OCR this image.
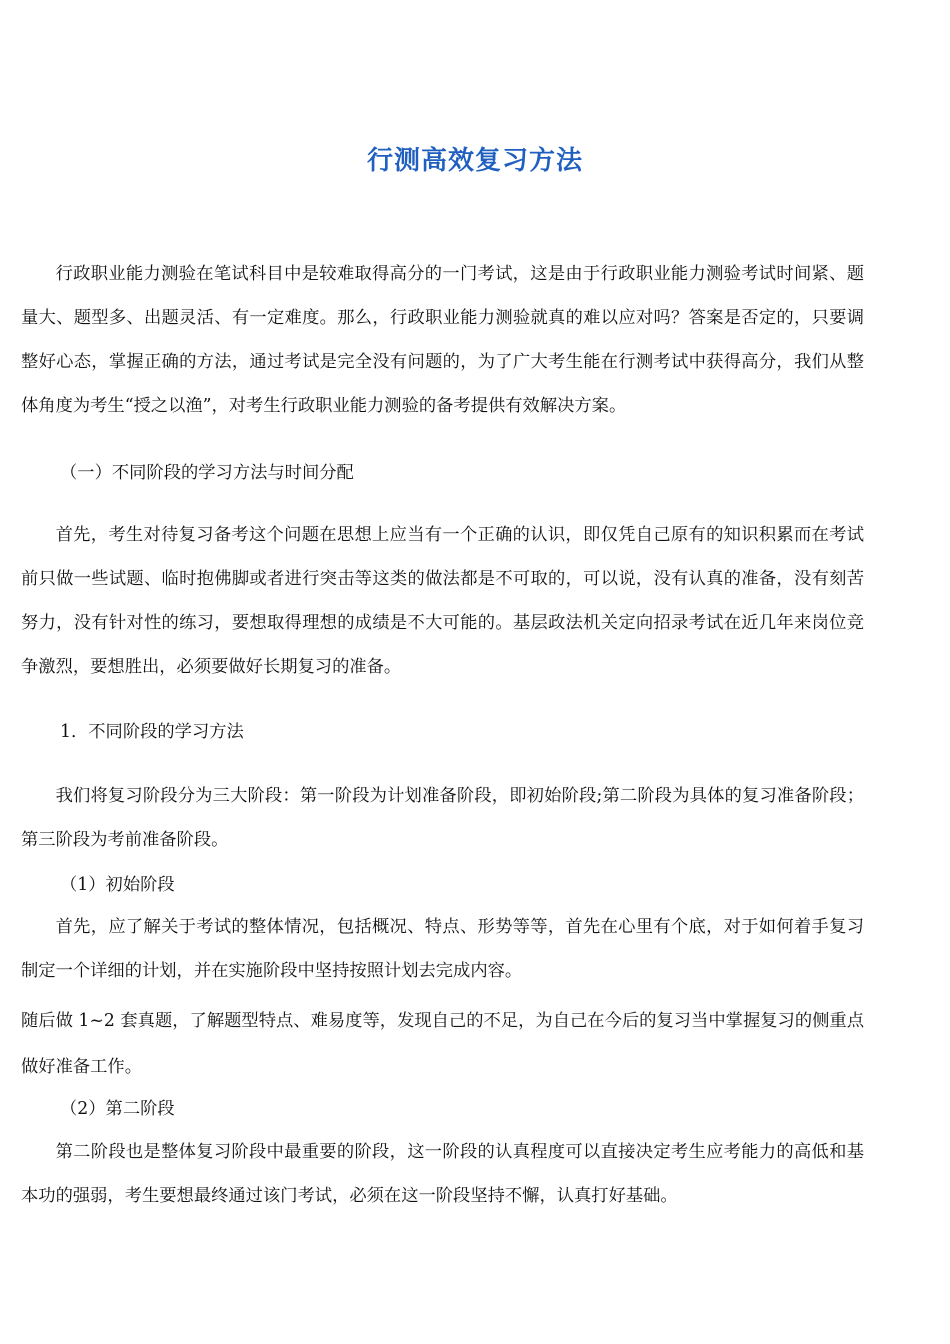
行测高效复习方法

行政职业能力测验在笔试科目中是较难取得高分的一门考试，这是由于行政职业能力测验考试时间紧、题量大、题型多、出题灵活、有一定难度。那么，行政职业能力测验就真的难以应对吗？答案是否定的，只要调整好心态，掌握正确的方法，通过考试是完全没有问题的，为了广大考生能在行测考试中获得高分，我们从整体角度为考生“授之以渔”，对考生行政职业能力测验的备考提供有效解决方案。

（一）不同阶段的学习方法与时间分配

首先，考生对待复习备考这个问题在思想上应当有一个正确的认识，即仅凭自己原有的知识积累而在考试前只做一些试题、临时抱佛脚或者进行突击等这类的做法都是不可取的，可以说，没有认真的准备，没有刻苦努力，没有针对性的练习，要想取得理想的成绩是不大可能的。基层政法机关定向招录考试在近几年来岗位竞争激烈，要想胜出，必须要做好长期复习的准备。

1．不同阶段的学习方法

我们将复习阶段分为三大阶段：第一阶段为计划准备阶段，即初始阶段;第二阶段为具体的复习准备阶段；第三阶段为考前准备阶段。

（1）初始阶段

首先，应了解关于考试的整体情况，包括概况、特点、形势等等，首先在心里有个底，对于如何着手复习制定一个详细的计划，并在实施阶段中坚持按照计划去完成内容。

随后做 1~2 套真题，了解题型特点、难易度等，发现自己的不足，为自己在今后的复习当中掌握复习的侧重点做好准备工作。

（2）第二阶段

第二阶段也是整体复习阶段中最重要的阶段，这一阶段的认真程度可以直接决定考生应考能力的高低和基本功的强弱，考生要想最终通过该门考试，必须在这一阶段坚持不懈，认真打好基础。
